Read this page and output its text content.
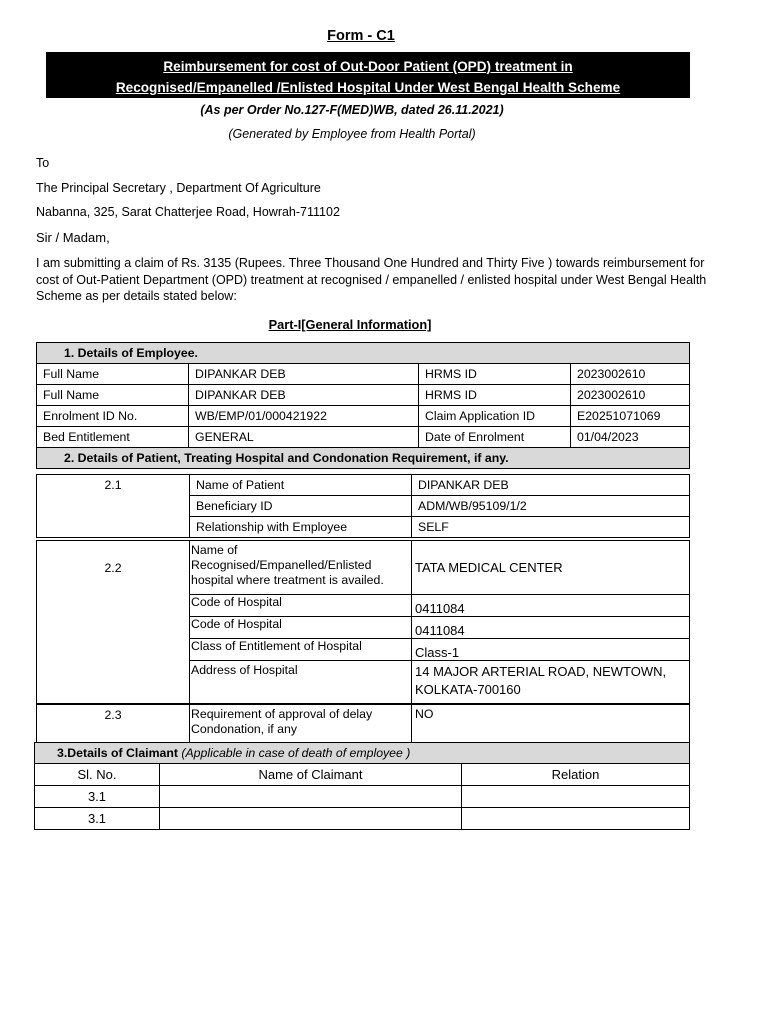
Form - C1
Reimbursement for cost of Out-Door Patient (OPD) treatment in
Recognised/Empanelled /Enlisted Hospital Under West Bengal Health Scheme
(As per Order No.127-F(MED)WB, dated 26.11.2021)
(Generated by Employee from Health Portal)
To
The Principal Secretary , Department Of Agriculture
Nabanna, 325, Sarat Chatterjee Road, Howrah-711102
Sir / Madam,
I am submitting a claim of Rs. 3135 (Rupees. Three Thousand One Hundred and Thirty Five ) towards reimbursement for cost of Out-Patient Department (OPD) treatment at recognised / empanelled / enlisted hospital under West Bengal Health Scheme as per details stated below:
Part-I[General Information]
1. Details of Employee.			
Full Name	DIPANKAR DEB	HRMS ID	2023002610
Full Name	DIPANKAR DEB	HRMS ID	2023002610
Enrolment ID No.	WB/EMP/01/000421922	Claim Application ID	E20251071069
Bed Entitlement	GENERAL	Date of Enrolment	01/04/2023
2. Details of Patient, Treating Hospital and Condonation Requirement, if any.			
2.1	Name of Patient	DIPANKAR DEB
	Beneficiary ID	ADM/WB/95109/1/2
	Relationship with Employee	SELF
2.2	Name of Recognised/Empanelled/Enlisted hospital where treatment is availed.	TATA MEDICAL CENTER
	Code of Hospital	0411084
	Code of Hospital	0411084
	Class of Entitlement of Hospital	Class-1
	Address of Hospital	14 MAJOR ARTERIAL ROAD, NEWTOWN, KOLKATA-700160
2.3	Requirement of approval of delay Condonation, if any	NO
3.Details of Claimant (Applicable in case of death of employee )		
Sl. No.	Name of Claimant	Relation
3.1		
3.1		
